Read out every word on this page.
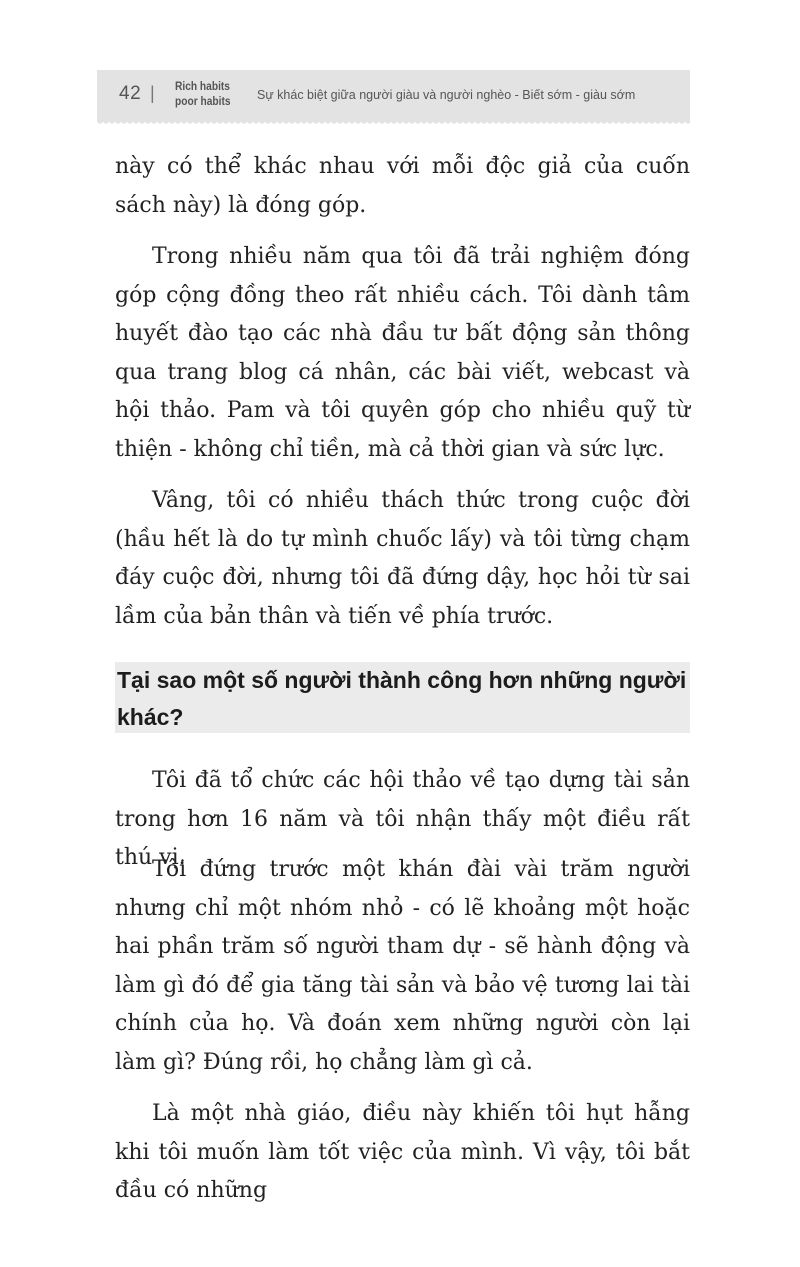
42 | Rich habits
poor habits Sự khác biệt giữa người giàu và người nghèo - Biết sớm - giàu sớm

này có thể khác nhau với mỗi độc giả của cuốn sách này) là đóng góp.

Trong nhiều năm qua tôi đã trải nghiệm đóng góp cộng đồng theo rất nhiều cách. Tôi dành tâm huyết đào tạo các nhà đầu tư bất động sản thông qua trang blog cá nhân, các bài viết, webcast và hội thảo. Pam và tôi quyên góp cho nhiều quỹ từ thiện - không chỉ tiền, mà cả thời gian và sức lực.

Vâng, tôi có nhiều thách thức trong cuộc đời (hầu hết là do tự mình chuốc lấy) và tôi từng chạm đáy cuộc đời, nhưng tôi đã đứng dậy, học hỏi từ sai lầm của bản thân và tiến về phía trước.

Tại sao một số người thành công hơn những người khác?

Tôi đã tổ chức các hội thảo về tạo dựng tài sản trong hơn 16 năm và tôi nhận thấy một điều rất thú vị.

Tôi đứng trước một khán đài vài trăm người nhưng chỉ một nhóm nhỏ - có lẽ khoảng một hoặc hai phần trăm số người tham dự - sẽ hành động và làm gì đó để gia tăng tài sản và bảo vệ tương lai tài chính của họ. Và đoán xem những người còn lại làm gì? Đúng rồi, họ chẳng làm gì cả.

Là một nhà giáo, điều này khiến tôi hụt hẫng khi tôi muốn làm tốt việc của mình. Vì vậy, tôi bắt đầu có những
